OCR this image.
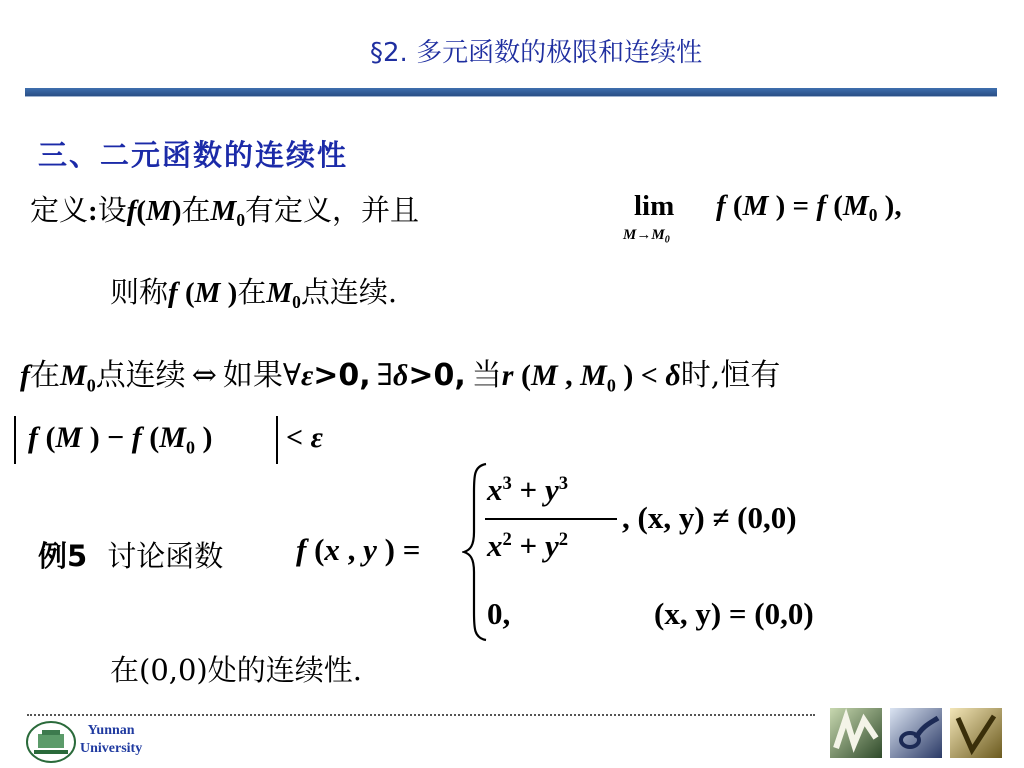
§2. 多元函数的极限和连续性
三、二元函数的连续性
定义:设f(M)在$M_0$有定义，并且	lim
$M\to M_0$
f (M ) = f ($M_0$ ),
则称f (M )在$M_0$点连续.
f在$M_0$点连续 ⇔ 如果∀ε>0, ∃δ>0, 当r (M , $M_0$ ) < δ时,恒有
f (M ) − f ($M_0$ ) < ε
例5 讨论函数 f (x , y ) =
$x^3 + y^3$
$x^2 + y^2$
, (x, y) ≠ (0,0)
0,	(x, y) = (0,0)
在(0,0)处的连续性.
Yunnan
University
